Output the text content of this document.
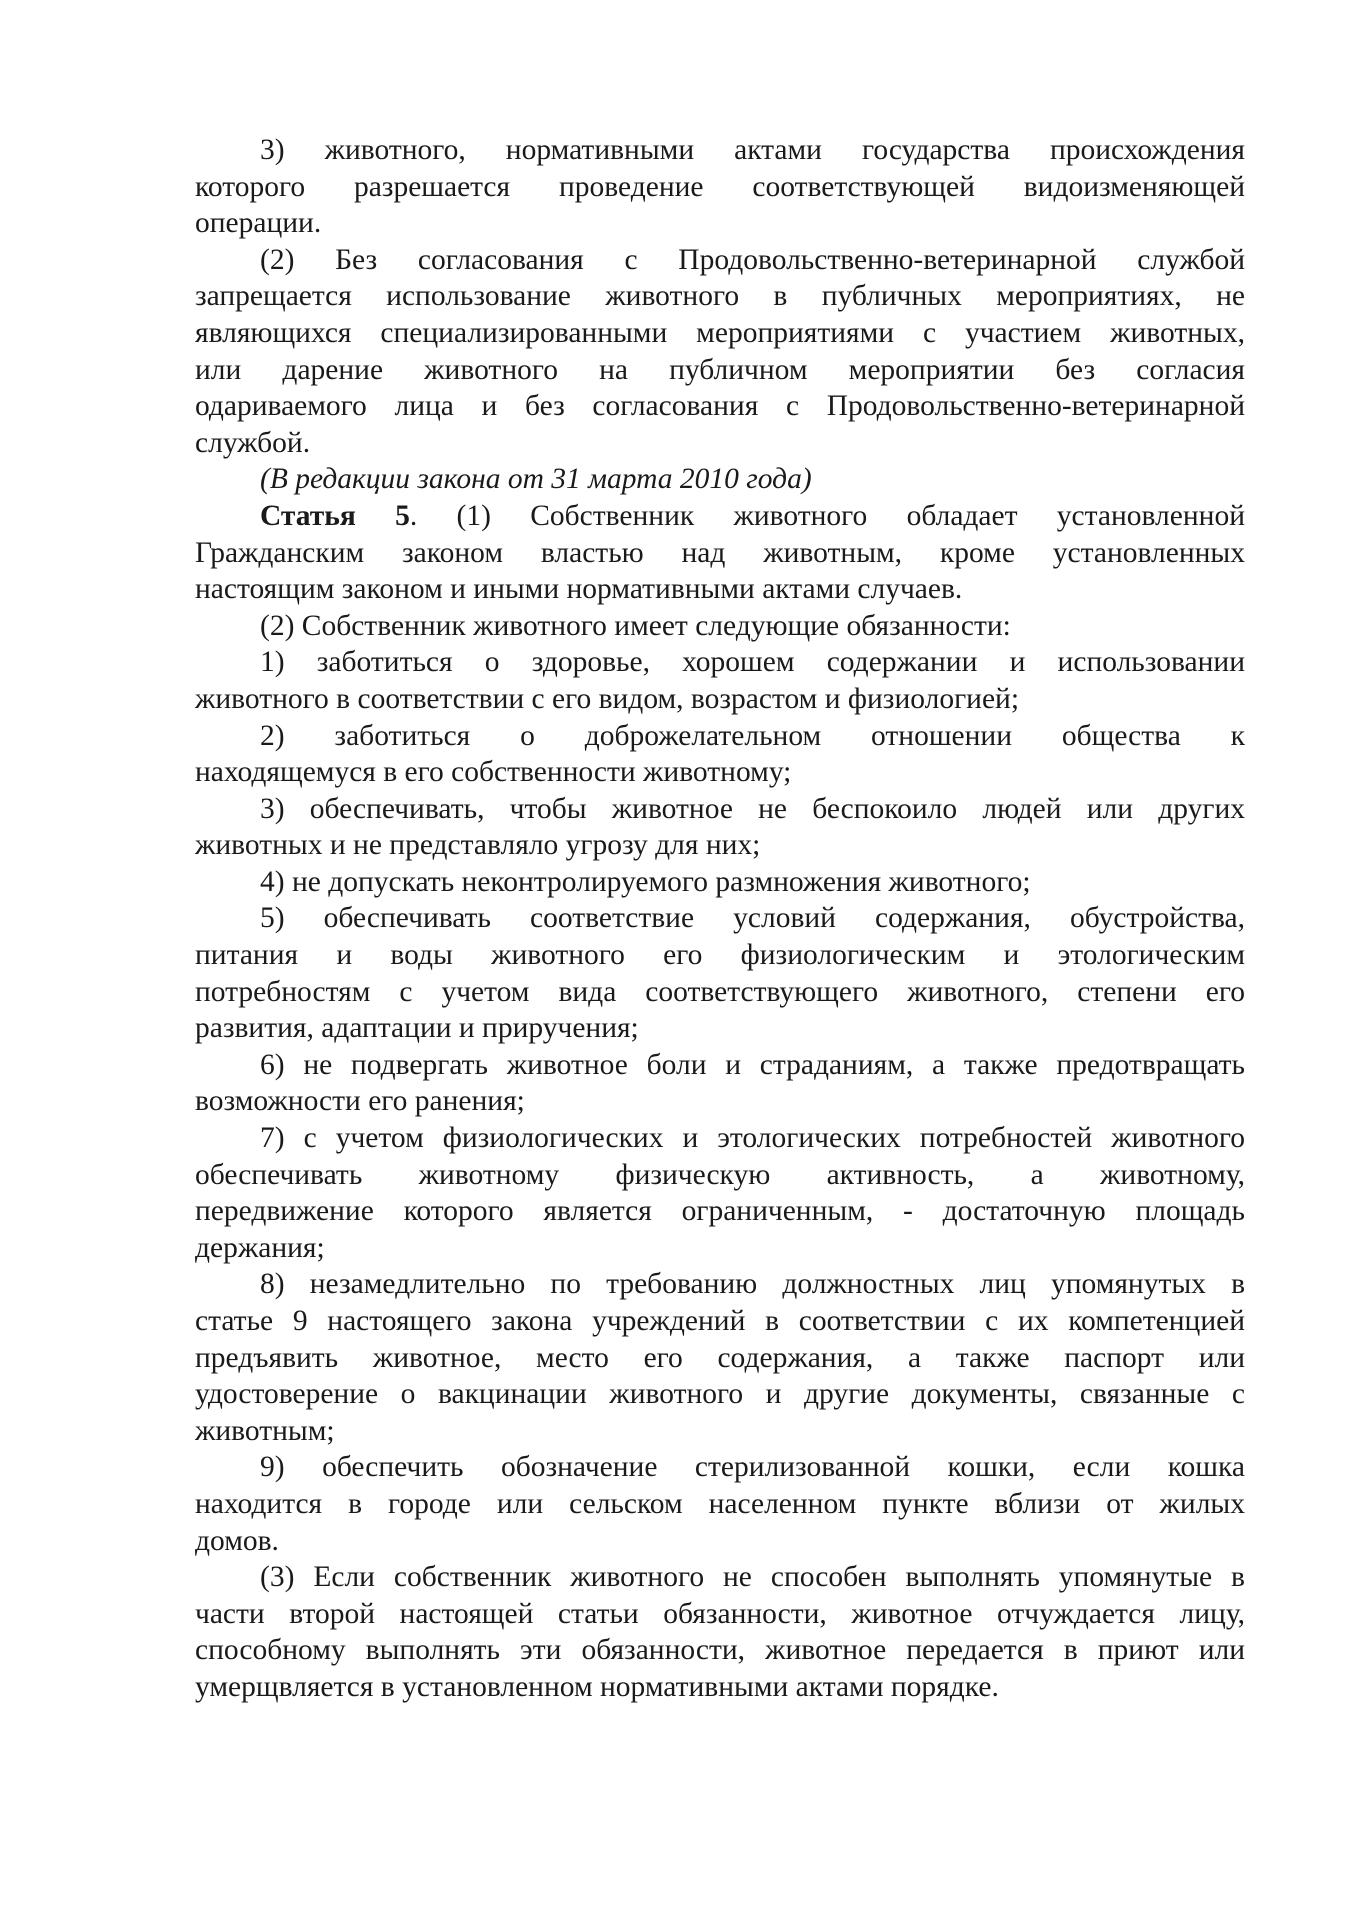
3) животного, нормативными актами государства происхождения
которого разрешается проведение соответствующей видоизменяющей
операции.
(2) Без согласования с Продовольственно-ветеринарной службой
запрещается использование животного в публичных мероприятиях, не
являющихся специализированными мероприятиями с участием животных,
или дарение животного на публичном мероприятии без согласия
одариваемого лица и без согласования с Продовольственно-ветеринарной
службой.
(В редакции закона от 31 марта 2010 года)
Статья 5. (1) Собственник животного обладает установленной
Гражданским законом властью над животным, кроме установленных
настоящим законом и иными нормативными актами случаев.
(2) Собственник животного имеет следующие обязанности:
1) заботиться о здоровье, хорошем содержании и использовании
животного в соответствии с его видом, возрастом и физиологией;
2) заботиться о доброжелательном отношении общества к
находящемуся в его собственности животному;
3) обеспечивать, чтобы животное не беспокоило людей или других
животных и не представляло угрозу для них;
4) не допускать неконтролируемого размножения животного;
5) обеспечивать соответствие условий содержания, обустройства,
питания и воды животного его физиологическим и этологическим
потребностям с учетом вида соответствующего животного, степени его
развития, адаптации и приручения;
6) не подвергать животное боли и страданиям, а также предотвращать
возможности его ранения;
7) с учетом физиологических и этологических потребностей животного
обеспечивать животному физическую активность, а животному,
передвижение которого является ограниченным, - достаточную площадь
держания;
8) незамедлительно по требованию должностных лиц упомянутых в
статье 9 настоящего закона учреждений в соответствии с их компетенцией
предъявить животное, место его содержания, а также паспорт или
удостоверение о вакцинации животного и другие документы, связанные с
животным;
9) обеспечить обозначение стерилизованной кошки, если кошка
находится в городе или сельском населенном пункте вблизи от жилых
домов.
(3) Если собственник животного не способен выполнять упомянутые в
части второй настоящей статьи обязанности, животное отчуждается лицу,
способному выполнять эти обязанности, животное передается в приют или
умерщвляется в установленном нормативными актами порядке.
